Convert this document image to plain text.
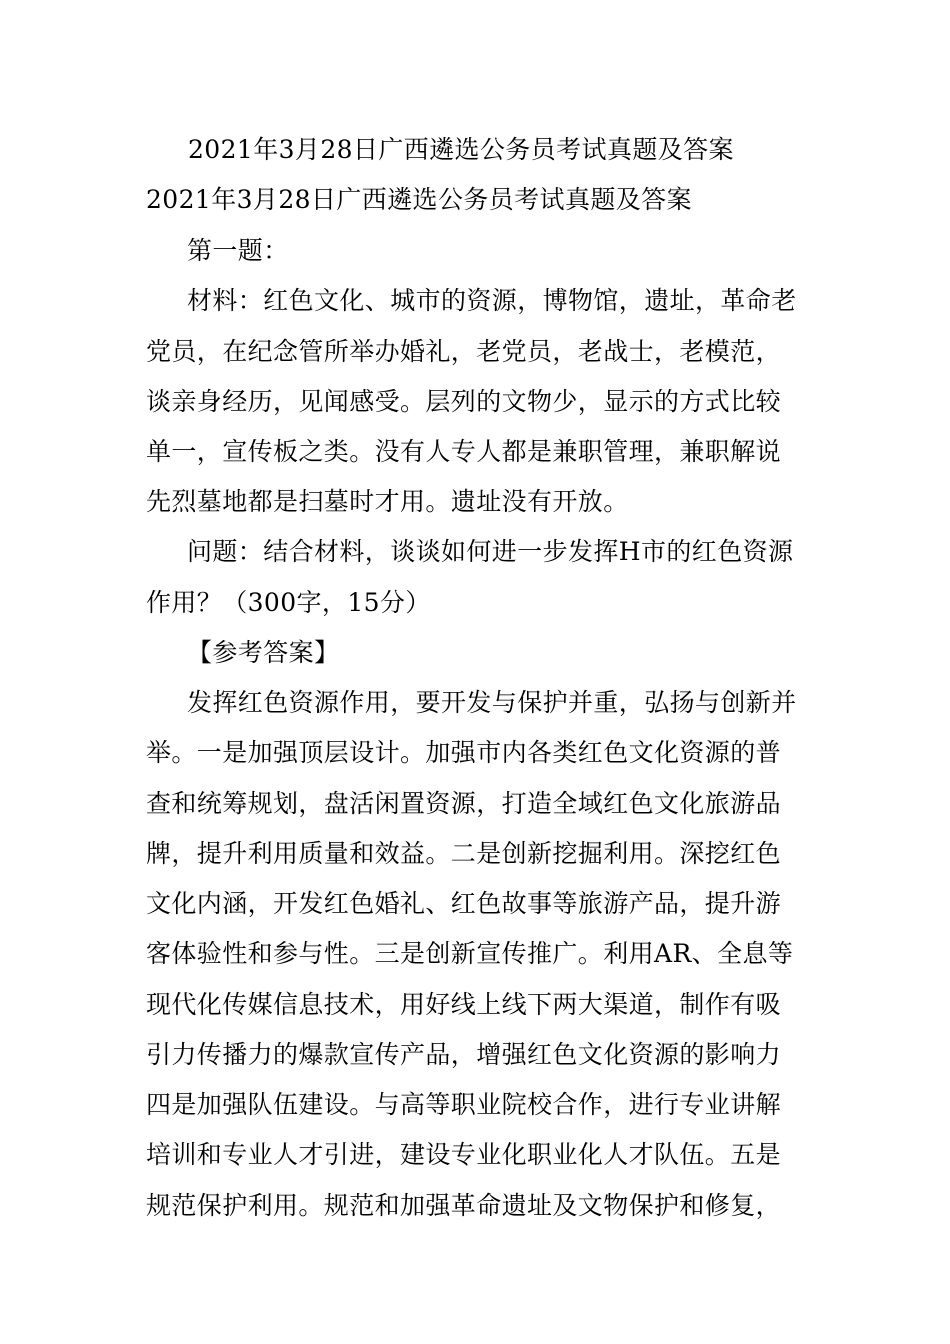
2021年3月28日广西遴选公务员考试真题及答案
2021年3月28日广西遴选公务员考试真题及答案
第一题：
材料：红色文化、城市的资源，博物馆，遗址，革命老
党员，在纪念管所举办婚礼，老党员，老战士，老模范，
谈亲身经历，见闻感受。层列的文物少，显示的方式比较
单一，宣传板之类。没有人专人都是兼职管理，兼职解说
先烈墓地都是扫墓时才用。遗址没有开放。
问题：结合材料，谈谈如何进一步发挥H市的红色资源
作用？（300字，15分）
【参考答案】
发挥红色资源作用，要开发与保护并重，弘扬与创新并
举。一是加强顶层设计。加强市内各类红色文化资源的普
查和统筹规划，盘活闲置资源，打造全域红色文化旅游品
牌，提升利用质量和效益。二是创新挖掘利用。深挖红色
文化内涵，开发红色婚礼、红色故事等旅游产品，提升游
客体验性和参与性。三是创新宣传推广。利用AR、全息等
现代化传媒信息技术，用好线上线下两大渠道，制作有吸
引力传播力的爆款宣传产品，增强红色文化资源的影响力
四是加强队伍建设。与高等职业院校合作，进行专业讲解
培训和专业人才引进，建设专业化职业化人才队伍。五是
规范保护利用。规范和加强革命遗址及文物保护和修复，
